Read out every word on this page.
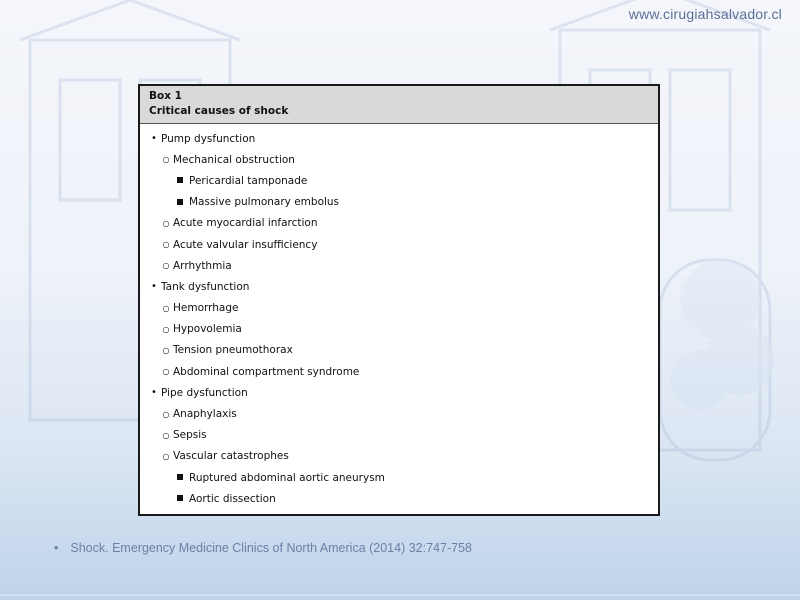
www.cirugiahsalvador.cl
Box 1
Critical causes of shock
• Pump dysfunction
○ Mechanical obstruction
Pericardial tamponade
Massive pulmonary embolus
○ Acute myocardial infarction
○ Acute valvular insufficiency
○ Arrhythmia
• Tank dysfunction
○ Hemorrhage
○ Hypovolemia
○ Tension pneumothorax
○ Abdominal compartment syndrome
• Pipe dysfunction
○ Anaphylaxis
○ Sepsis
○ Vascular catastrophes
Ruptured abdominal aortic aneurysm
Aortic dissection
• Shock. Emergency Medicine Clinics of North America (2014) 32:747-758
